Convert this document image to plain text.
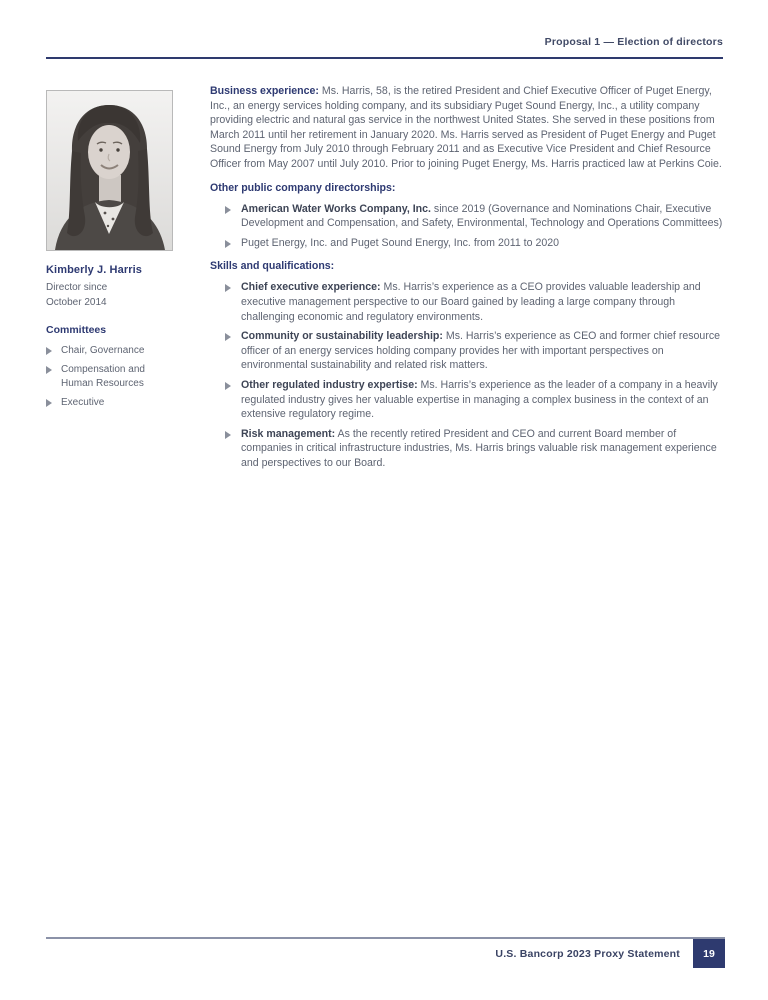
Proposal 1 — Election of directors
Kimberly J. Harris
Director since
October 2014
Committees
Chair, Governance
Compensation and Human Resources
Executive

Business experience: Ms. Harris, 58, is the retired President and Chief Executive Officer of Puget Energy, Inc., an energy services holding company, and its subsidiary Puget Sound Energy, Inc., a utility company providing electric and natural gas service in the northwest United States. She served in these positions from March 2011 until her retirement in January 2020. Ms. Harris served as President of Puget Energy and Puget Sound Energy from July 2010 through February 2011 and as Executive Vice President and Chief Resource Officer from May 2007 until July 2010. Prior to joining Puget Energy, Ms. Harris practiced law at Perkins Coie.

Other public company directorships:
American Water Works Company, Inc. since 2019 (Governance and Nominations Chair, Executive Development and Compensation, and Safety, Environmental, Technology and Operations Committees)
Puget Energy, Inc. and Puget Sound Energy, Inc. from 2011 to 2020
Skills and qualifications:
Chief executive experience: Ms. Harris’s experience as a CEO provides valuable leadership and executive management perspective to our Board gained by leading a large company through challenging economic and regulatory environments.
Community or sustainability leadership: Ms. Harris’s experience as CEO and former chief resource officer of an energy services holding company provides her with important perspectives on environmental sustainability and related risk matters.
Other regulated industry expertise: Ms. Harris’s experience as the leader of a company in a heavily regulated industry gives her valuable expertise in managing a complex business in the context of an extensive regulatory regime.
Risk management: As the recently retired President and CEO and current Board member of companies in critical infrastructure industries, Ms. Harris brings valuable risk management experience and perspectives to our Board.
U.S. Bancorp 2023 Proxy Statement	19
